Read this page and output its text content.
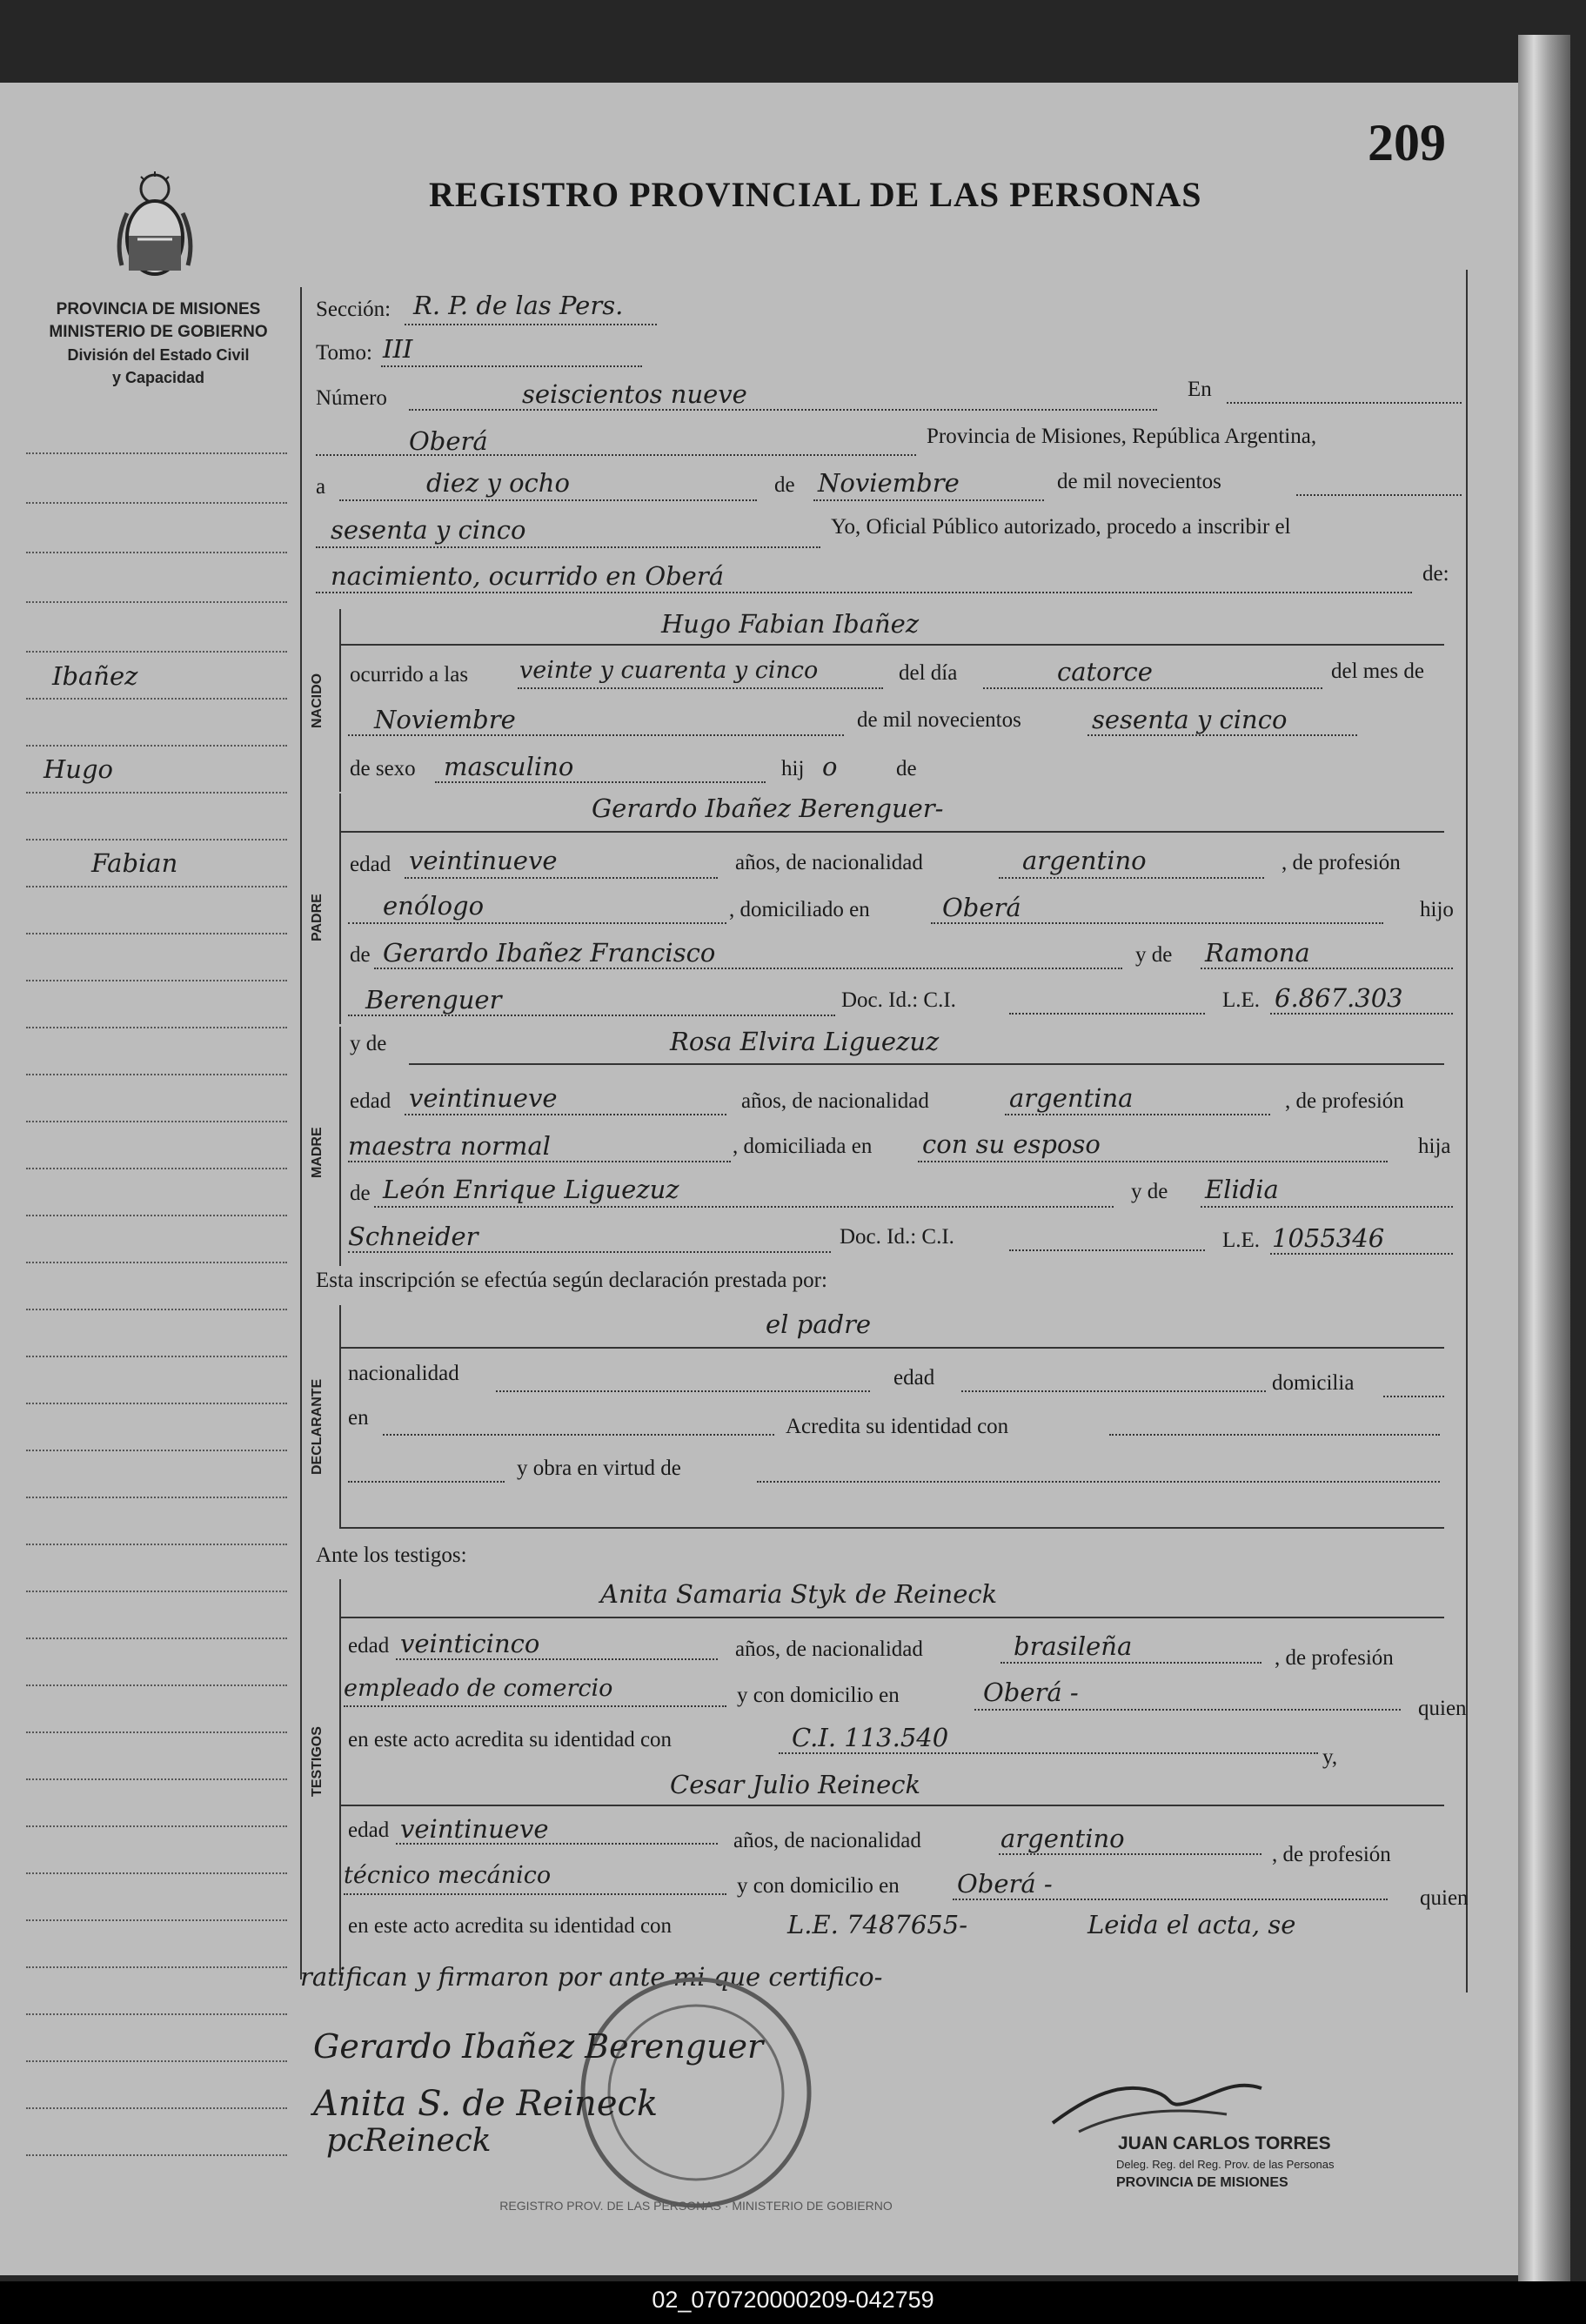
209
REGISTRO PROVINCIAL DE LAS PERSONAS
PROVINCIA DE MISIONES
MINISTERIO DE GOBIERNO
División del Estado Civil
y Capacidad
Ibañez
Hugo
Fabian
Sección: R. P. de las Pers.
Tomo: III
Número	seiscientos nueve	En
Oberá	Provincia de Misiones, República Argentina,
a	diez y ocho	de Noviembre	de mil novecientos
sesenta y cinco	Yo, Oficial Público autorizado, procedo a inscribir el
nacimiento, ocurrido en Oberá	de:
NACIDO
Hugo Fabian Ibañez
ocurrido a las veinte y cuarenta y cinco	del día	catorce	del mes de
Noviembre	de mil novecientos	sesenta y cinco
de sexo masculino	hij o	de
PADRE
Gerardo Ibañez Berenguer-
edad veintinueve	años, de nacionalidad	argentino	, de profesión
enólogo	, domiciliado en	Oberá	hijo
de Gerardo Ibañez Francisco	y de Ramona
Berenguer	Doc. Id.: C.I.	L.E. 6.867.303
MADRE
y de	Rosa Elvira Liguezuz
edad veintinueve	años, de nacionalidad	argentina	, de profesión
maestra normal	, domiciliada en con su esposo	hija
de León Enrique Liguezuz	y de Elidia
Schneider	Doc. Id.: C.I.	L.E. 1055346
Esta inscripción se efectúa según declaración prestada por:
DECLARANTE
el padre
nacionalidad	edad	domicilia
en	Acredita su identidad con
y obra en virtud de
Ante los testigos:
TESTIGOS
Anita Samaria Styk de Reineck
edad veinticinco	años, de nacionalidad	brasileña	, de profesión
empleado de comercio	y con domicilio en	Oberá -
quien
en este acto acredita su identidad con	C.I. 113.540
y,
Cesar Julio Reineck
edad veintinueve	años, de nacionalidad	argentino
, de profesión
técnico mecánico	y con domicilio en Oberá -	quien
en este acto acredita su identidad con	L.E. 7487655-	Leida el acta, se
ratifican y firmaron por ante mi que certifico-
REGISTRO PROV. DE LAS PERSONAS · MINISTERIO DE GOBIERNO
Gerardo Ibañez Berenguer
Anita S. de Reineck
pcReineck	JUAN CARLOS TORRES
Deleg. Reg. del Reg. Prov. de las Personas
PROVINCIA DE MISIONES
02_070720000209-042759
